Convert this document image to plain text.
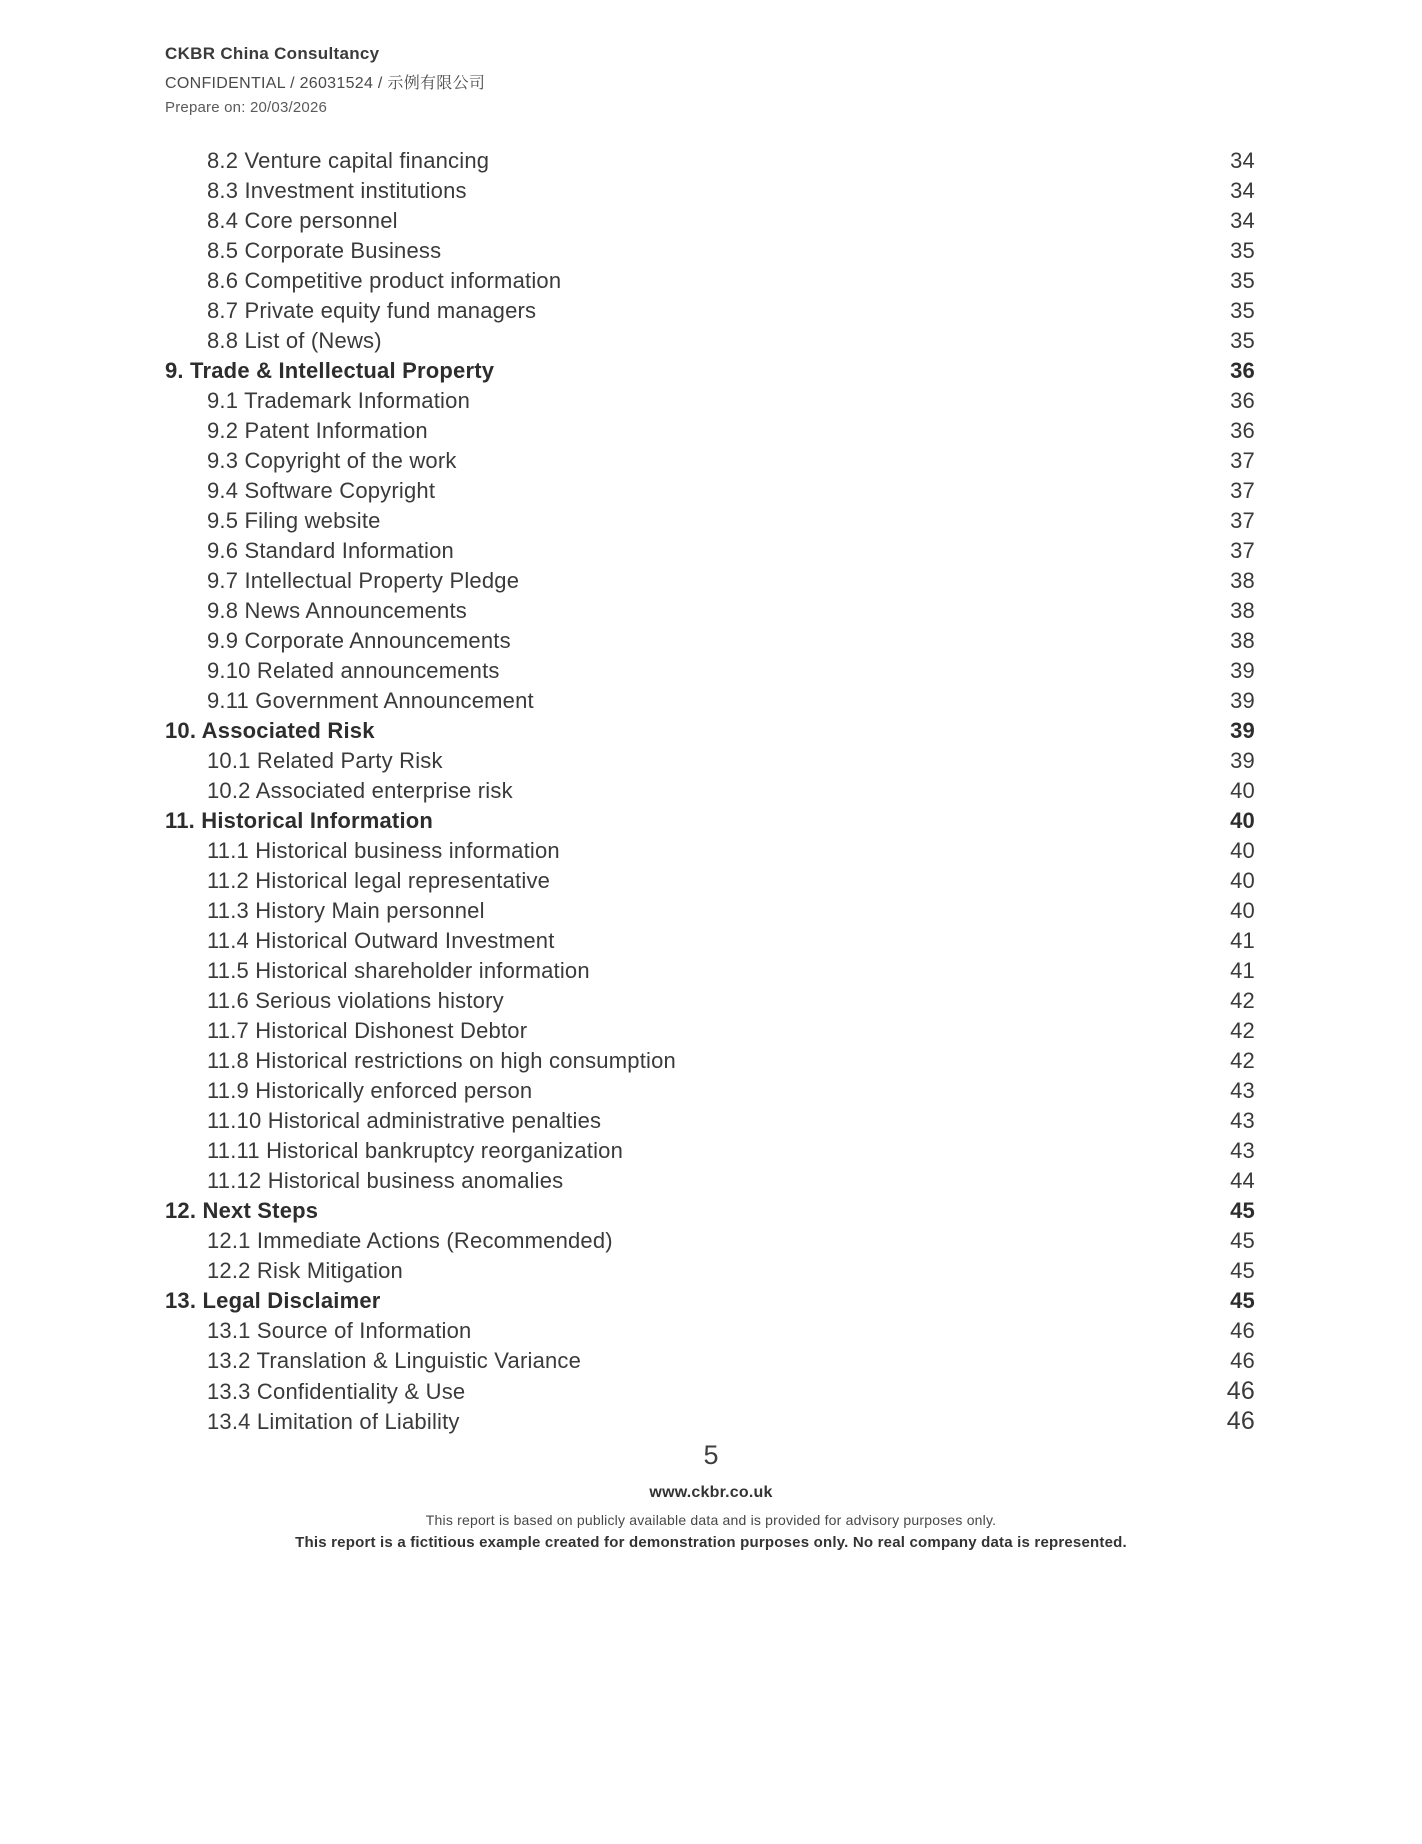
CKBR China Consultancy
CONFIDENTIAL / 26031524 / 示例有限公司
Prepare on: 20/03/2026
8.2 Venture capital financing	34
8.3 Investment institutions	34
8.4 Core personnel	34
8.5 Corporate Business	35
8.6 Competitive product information	35
8.7 Private equity fund managers	35
8.8 List of (News)	35
9. Trade & Intellectual Property	36
9.1 Trademark Information	36
9.2 Patent Information	36
9.3 Copyright of the work	37
9.4 Software Copyright	37
9.5 Filing website	37
9.6 Standard Information	37
9.7 Intellectual Property Pledge	38
9.8 News Announcements	38
9.9 Corporate Announcements	38
9.10 Related announcements	39
9.11 Government Announcement	39
10. Associated Risk	39
10.1 Related Party Risk	39
10.2 Associated enterprise risk	40
11. Historical Information	40
11.1 Historical business information	40
11.2 Historical legal representative	40
11.3 History Main personnel	40
11.4 Historical Outward Investment	41
11.5 Historical shareholder information	41
11.6 Serious violations history	42
11.7 Historical Dishonest Debtor	42
11.8 Historical restrictions on high consumption	42
11.9 Historically enforced person	43
11.10 Historical administrative penalties	43
11.11 Historical bankruptcy reorganization	43
11.12 Historical business anomalies	44
12. Next Steps	45
12.1 Immediate Actions (Recommended)	45
12.2 Risk Mitigation	45
13. Legal Disclaimer	45
13.1 Source of Information	46
13.2 Translation & Linguistic Variance	46
13.3 Confidentiality & Use	46
13.4 Limitation of Liability	46
5
www.ckbr.co.uk
This report is based on publicly available data and is provided for advisory purposes only.
This report is a fictitious example created for demonstration purposes only. No real company data is represented.
